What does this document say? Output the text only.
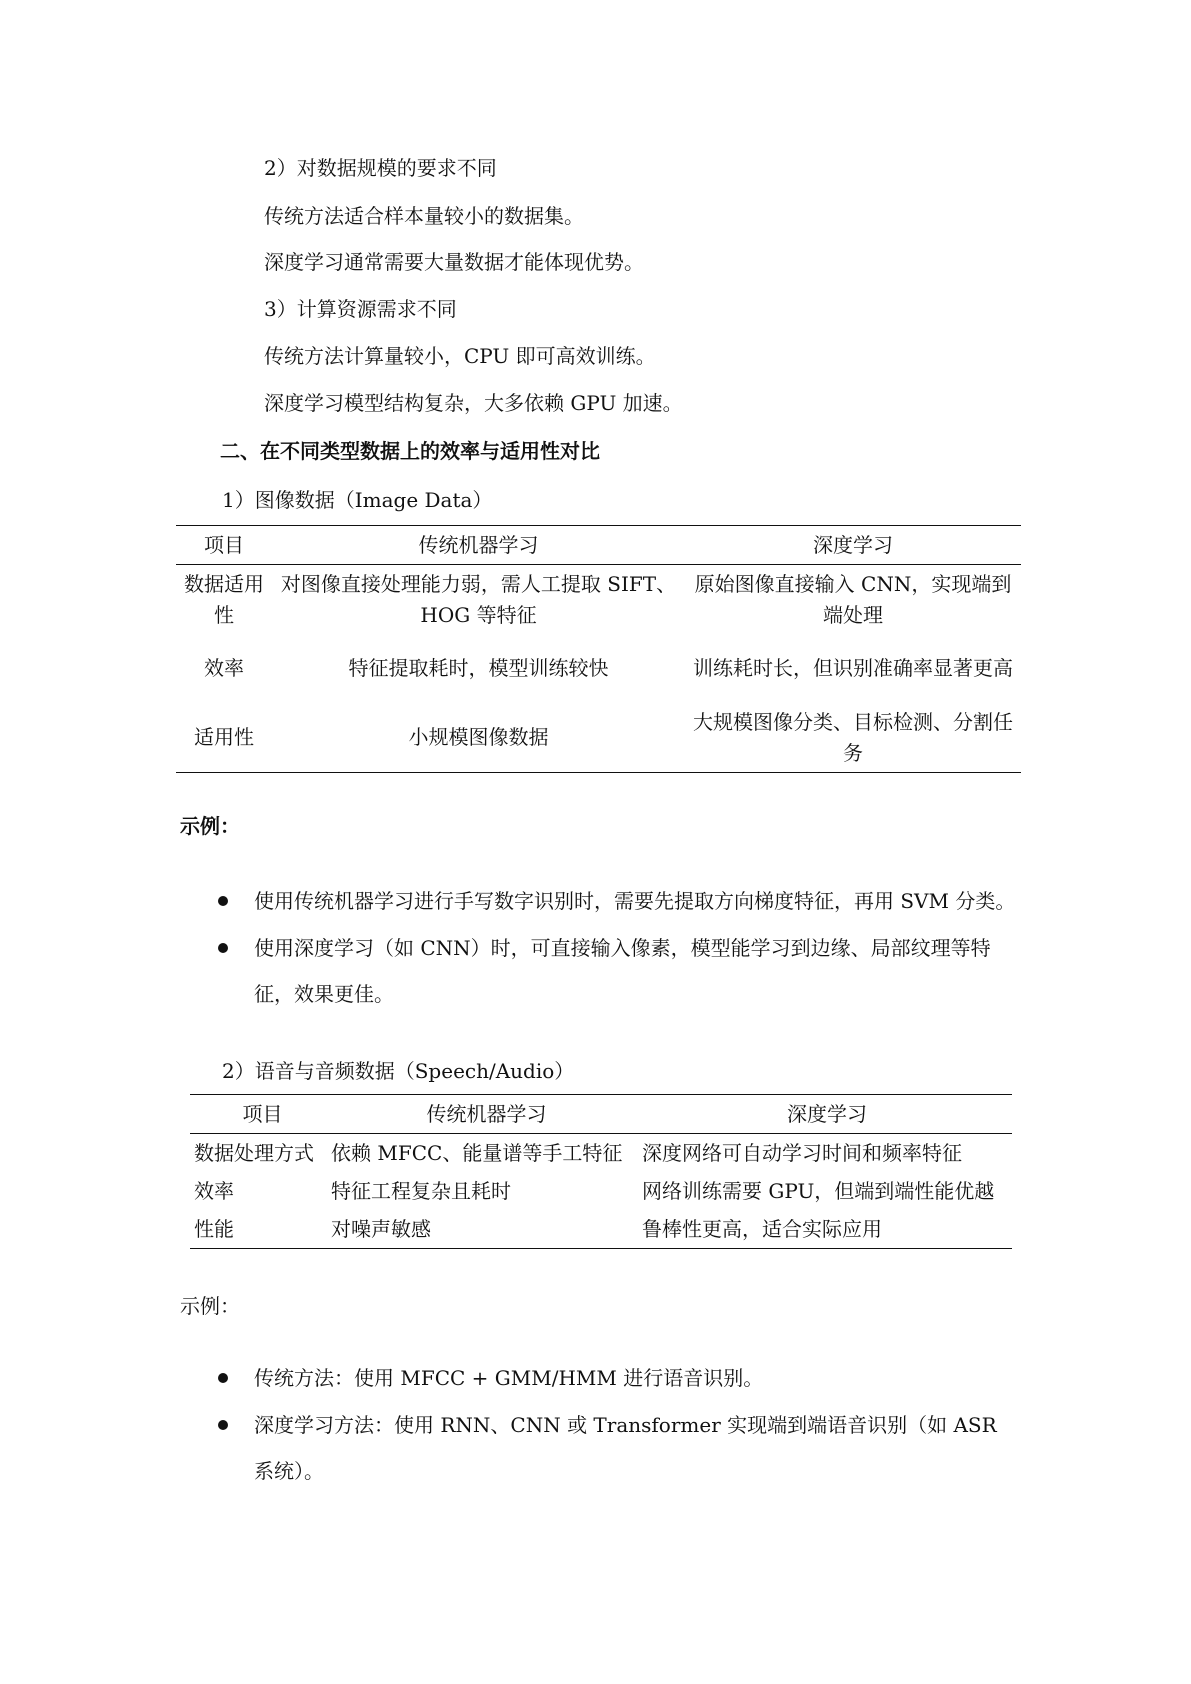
2）对数据规模的要求不同

传统方法适合样本量较小的数据集。

深度学习通常需要大量数据才能体现优势。

3）计算资源需求不同

传统方法计算量较小，CPU 即可高效训练。

深度学习模型结构复杂，大多依赖 GPU 加速。

二、在不同类型数据上的效率与适用性对比

1）图像数据（Image Data）

项目	传统机器学习	深度学习
数据适用性	对图像直接处理能力弱，需人工提取 SIFT、HOG 等特征	原始图像直接输入 CNN，实现端到端处理
效率	特征提取耗时，模型训练较快	训练耗时长，但识别准确率显著更高
适用性	小规模图像数据	大规模图像分类、目标检测、分割任务

示例：

使用传统机器学习进行手写数字识别时，需要先提取方向梯度特征，再用 SVM 分类。

使用深度学习（如 CNN）时，可直接输入像素，模型能学习到边缘、局部纹理等特征，效果更佳。

2）语音与音频数据（Speech/Audio）

项目	传统机器学习	深度学习
数据处理方式	依赖 MFCC、能量谱等手工特征	深度网络可自动学习时间和频率特征
效率	特征工程复杂且耗时	网络训练需要 GPU，但端到端性能优越
性能	对噪声敏感	鲁棒性更高，适合实际应用

示例：

传统方法：使用 MFCC + GMM/HMM 进行语音识别。

深度学习方法：使用 RNN、CNN 或 Transformer 实现端到端语音识别（如 ASR 系统）。
